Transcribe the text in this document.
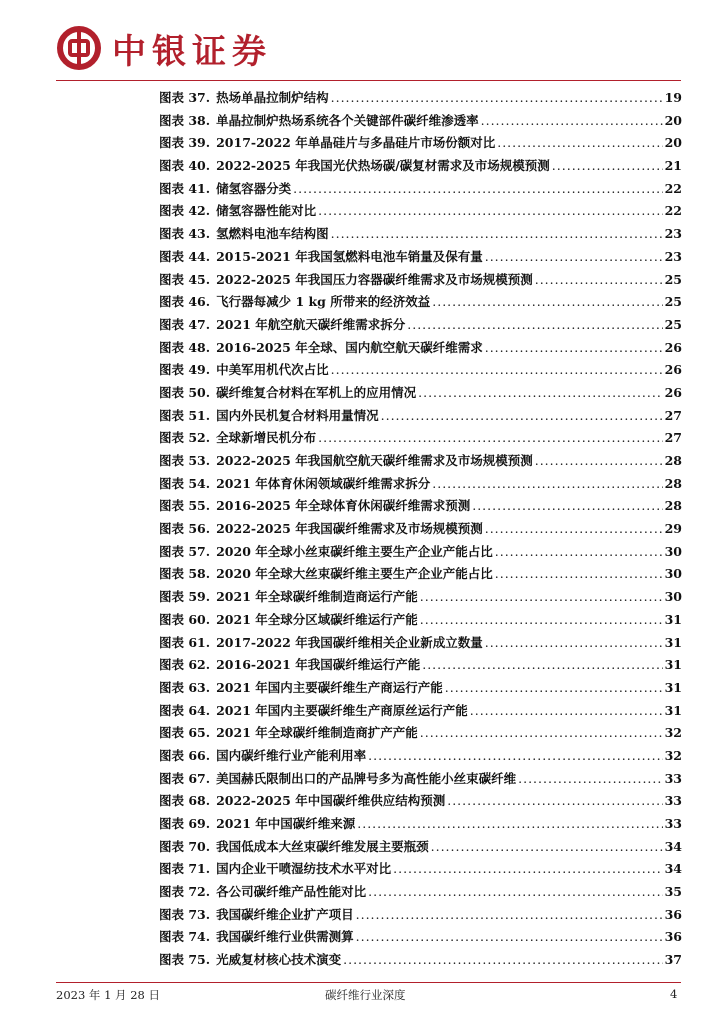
中银证券
图表 37. 热场单晶拉制炉结构 .....	19
图表 38. 单晶拉制炉热场系统各个关键部件碳纤维渗透率 .....	20
图表 39. 2017-2022 年单晶硅片与多晶硅片市场份额对比 .....	20
图表 40. 2022-2025 年我国光伏热场碳/碳复材需求及市场规模预测 .....	21
图表 41. 储氢容器分类 .....	22
图表 42. 储氢容器性能对比 .....	22
图表 43. 氢燃料电池车结构图 .....	23
图表 44. 2015-2021 年我国氢燃料电池车销量及保有量 .....	23
图表 45. 2022-2025 年我国压力容器碳纤维需求及市场规模预测 .....	25
图表 46. 飞行器每减少 1 kg 所带来的经济效益 .....	25
图表 47. 2021 年航空航天碳纤维需求拆分 .....	25
图表 48. 2016-2025 年全球、国内航空航天碳纤维需求 .....	26
图表 49. 中美军用机代次占比 .....	26
图表 50. 碳纤维复合材料在军机上的应用情况 .....	26
图表 51. 国内外民机复合材料用量情况 .....	27
图表 52. 全球新增民机分布 .....	27
图表 53. 2022-2025 年我国航空航天碳纤维需求及市场规模预测 .....	28
图表 54. 2021 年体育休闲领域碳纤维需求拆分 .....	28
图表 55. 2016-2025 年全球体育休闲碳纤维需求预测 .....	28
图表 56. 2022-2025 年我国碳纤维需求及市场规模预测 .....	29
图表 57. 2020 年全球小丝束碳纤维主要生产企业产能占比 .....	30
图表 58. 2020 年全球大丝束碳纤维主要生产企业产能占比 .....	30
图表 59. 2021 年全球碳纤维制造商运行产能 .....	30
图表 60. 2021 年全球分区域碳纤维运行产能 .....	31
图表 61. 2017-2022 年我国碳纤维相关企业新成立数量 .....	31
图表 62. 2016-2021 年我国碳纤维运行产能 .....	31
图表 63. 2021 年国内主要碳纤维生产商运行产能 .....	31
图表 64. 2021 年国内主要碳纤维生产商原丝运行产能 .....	31
图表 65. 2021 年全球碳纤维制造商扩产产能 .....	32
图表 66. 国内碳纤维行业产能利用率 .....	32
图表 67. 美国赫氏限制出口的产品牌号多为高性能小丝束碳纤维 .....	33
图表 68. 2022-2025 年中国碳纤维供应结构预测 .....	33
图表 69. 2021 年中国碳纤维来源 .....	33
图表 70. 我国低成本大丝束碳纤维发展主要瓶颈 .....	34
图表 71. 国内企业干喷湿纺技术水平对比 .....	34
图表 72. 各公司碳纤维产品性能对比 .....	35
图表 73. 我国碳纤维企业扩产项目 .....	36
图表 74. 我国碳纤维行业供需测算 .....	36
图表 75. 光威复材核心技术演变 .....	37
2023 年 1 月 28 日	碳纤维行业深度	4
